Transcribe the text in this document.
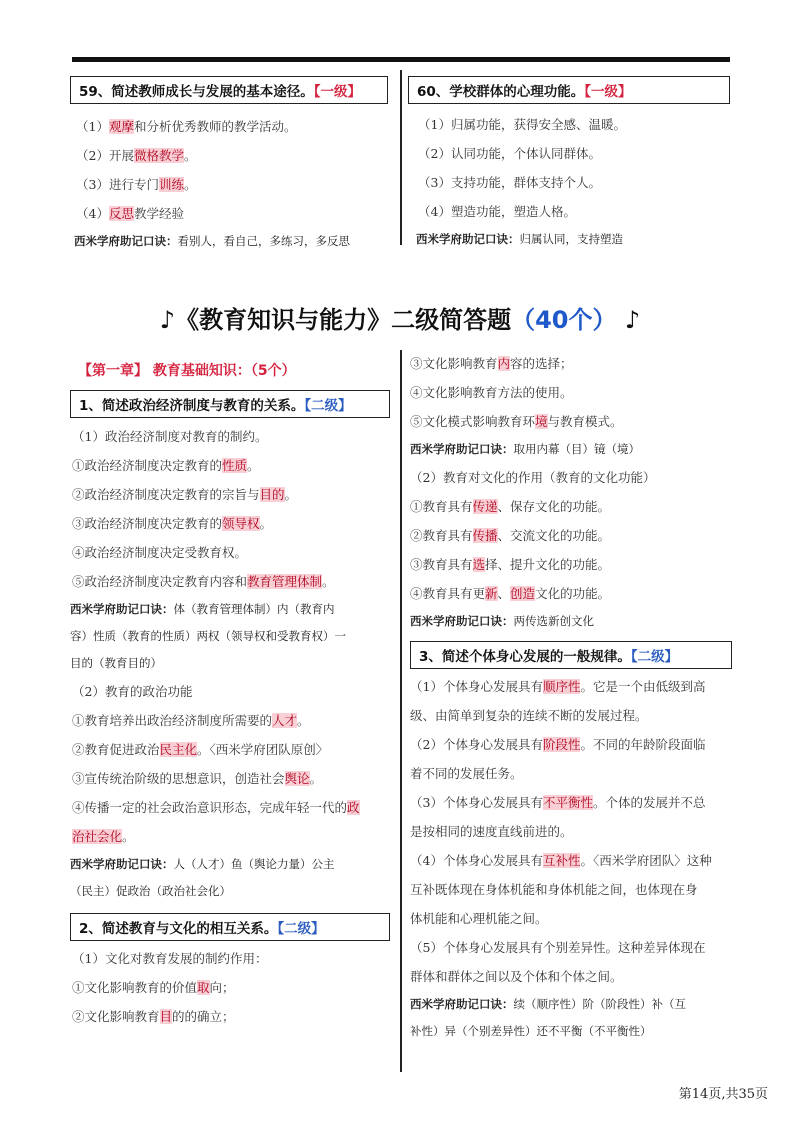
59、简述教师成长与发展的基本途径。【一级】
（1）观摩和分析优秀教师的教学活动。
（2）开展微格教学。
（3）进行专门训练。
（4）反思教学经验
西米学府助记口诀：看别人，看自己，多练习，多反思
60、学校群体的心理功能。【一级】
（1）归属功能，获得安全感、温暖。
（2）认同功能，个体认同群体。
（3）支持功能，群体支持个人。
（4）塑造功能，塑造人格。
西米学府助记口诀：归属认同，支持塑造
♪《教育知识与能力》二级简答题（40个） ♪
【第一章】 教育基础知识：（5个）
1、简述政治经济制度与教育的关系。【二级】
（1）政治经济制度对教育的制约。
①政治经济制度决定教育的性质。
②政治经济制度决定教育的宗旨与目的。
③政治经济制度决定教育的领导权。
④政治经济制度决定受教育权。
⑤政治经济制度决定教育内容和教育管理体制。
西米学府助记口诀：体（教育管理体制）内（教育内
容）性质（教育的性质）两权（领导权和受教育权）一
目的（教育目的）
（2）教育的政治功能
①教育培养出政治经济制度所需要的人才。
②教育促进政治民主化。〈西米学府团队原创〉
③宣传统治阶级的思想意识，创造社会舆论。
④传播一定的社会政治意识形态，完成年轻一代的政
治社会化。
西米学府助记口诀：人（人才）鱼（舆论力量）公主
（民主）促政治（政治社会化）
2、简述教育与文化的相互关系。【二级】
（1）文化对教育发展的制约作用：
①文化影响教育的价值取向；
②文化影响教育目的的确立；
③文化影响教育内容的选择；
④文化影响教育方法的使用。
⑤文化模式影响教育环境与教育模式。
西米学府助记口诀：取用内幕（目）镜（境）
（2）教育对文化的作用（教育的文化功能）
①教育具有传递、保存文化的功能。
②教育具有传播、交流文化的功能。
③教育具有选择、提升文化的功能。
④教育具有更新、创造文化的功能。
西米学府助记口诀：两传选新创文化
3、简述个体身心发展的一般规律。【二级】
（1）个体身心发展具有顺序性。它是一个由低级到高
级、由简单到复杂的连续不断的发展过程。
（2）个体身心发展具有阶段性。不同的年龄阶段面临
着不同的发展任务。
（3）个体身心发展具有不平衡性。个体的发展并不总
是按相同的速度直线前进的。
（4）个体身心发展具有互补性。〈西米学府团队〉这种
互补既体现在身体机能和身体机能之间，也体现在身
体机能和心理机能之间。
（5）个体身心发展具有个别差异性。这种差异体现在
群体和群体之间以及个体和个体之间。
西米学府助记口诀：续（顺序性）阶（阶段性）补（互
补性）异（个别差异性）还不平衡（不平衡性）
第14页,共35页
